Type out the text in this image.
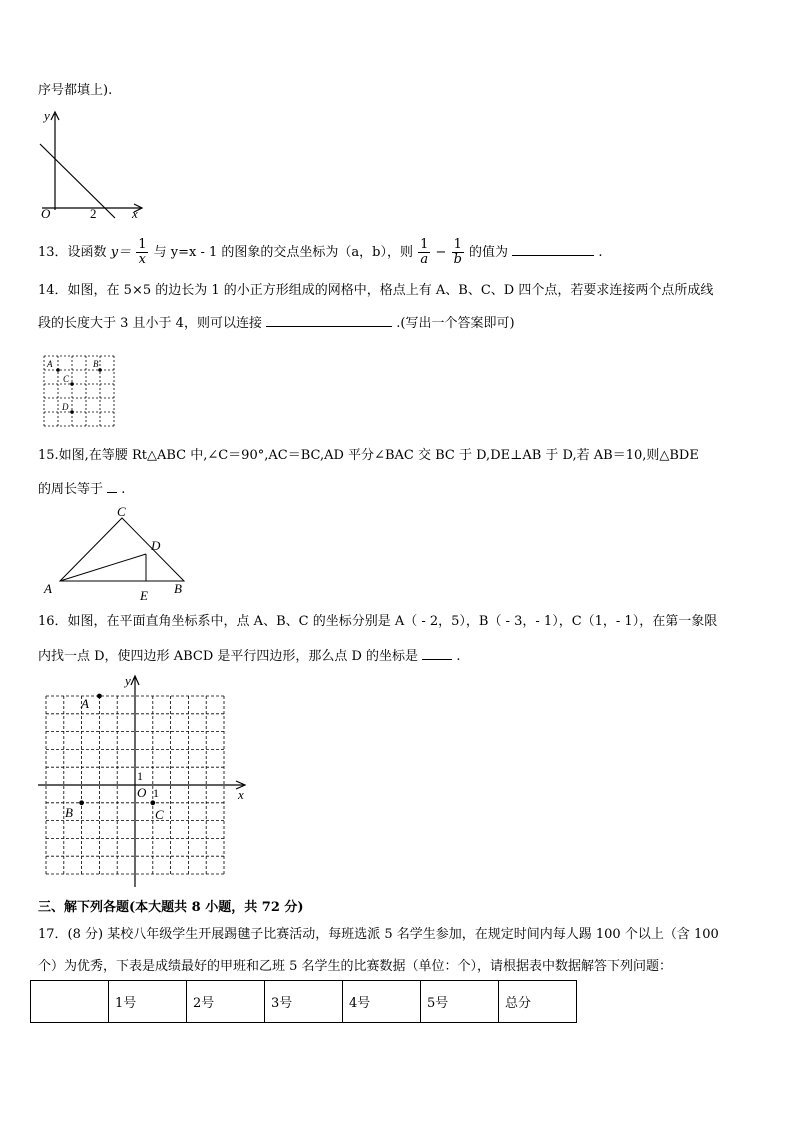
序号都填上).
y
O	2	x
13．设函数 $y= \frac{1}{x}$ 与 y=x - 1 的图象的交点坐标为（a，b），则 $\frac{1}{a} - \frac{1}{b}$ 的值为	.
14．如图，在 5×5 的边长为 1 的小正方形组成的网格中，格点上有 A、B、C、D 四个点，若要求连接两个点所成线
段的长度大于 3 且小于 4，则可以连接	.(写出一个答案即可)
A	B
C
D
15.如图,在等腰 Rt△ABC 中,∠C＝90°,AC＝BC,AD 平分∠BAC 交 BC 于 D,DE⊥AB 于 D,若 AB＝10,则△BDE
的周长等于 .
C
D
A	E B
16．如图，在平面直角坐标系中，点 A、B、C 的坐标分别是 A（ - 2，5），B（ - 3，- 1），C（1，- 1），在第一象限
内找一点 D，使四边形 ABCD 是平行四边形，那么点 D 的坐标是	.
y
x
1
O 1
A
B	C
三、解下列各题(本大题共 8 小题，共 72 分)
17．(8 分) 某校八年级学生开展踢毽子比赛活动，每班选派 5 名学生参加，在规定时间内每人踢 100 个以上（含 100
个）为优秀，下表是成绩最好的甲班和乙班 5 名学生的比赛数据（单位：个），请根据表中数据解答下列问题：
	1号	2号	3号	4号	5号	总分
